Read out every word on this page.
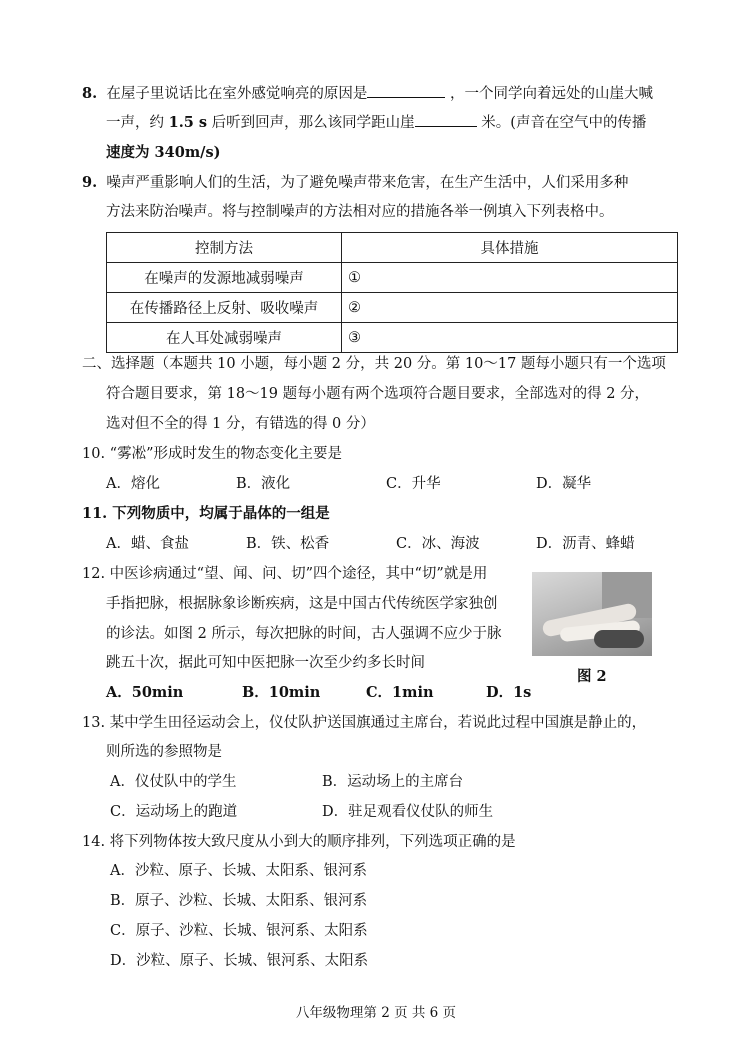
8. 在屋子里说话比在室外感觉响亮的原因是	，一个同学向着远处的山崖大喊
一声，约 1.5 s 后听到回声，那么该同学距山崖	米。(声音在空气中的传播
速度为 340m/s)
9. 噪声严重影响人们的生活，为了避免噪声带来危害，在生产生活中，人们采用多种
方法来防治噪声。将与控制噪声的方法相对应的措施各举一例填入下列表格中。
控制方法	具体措施
在噪声的发源地减弱噪声	①
在传播路径上反射、吸收噪声	②
在人耳处减弱噪声	③
二、选择题（本题共 10 小题，每小题 2 分，共 20 分。第 10～17 题每小题只有一个选项
符合题目要求，第 18～19 题每小题有两个选项符合题目要求，全部选对的得 2 分，
选对但不全的得 1 分，有错选的得 0 分）
10. “雾凇”形成时发生的物态变化主要是
A．熔化	B．液化	C．升华	D．凝华
11. 下列物质中，均属于晶体的一组是
A．蜡、食盐	B．铁、松香	C．冰、海波	D．沥青、蜂蜡
12. 中医诊病通过“望、闻、问、切”四个途径，其中“切”就是用
手指把脉，根据脉象诊断疾病，这是中国古代传统医学家独创
的诊法。如图 2 所示，每次把脉的时间，古人强调不应少于脉
跳五十次，据此可知中医把脉一次至少约多长时间
A．50min	B．10min	C．1min	D．1s
图 2
13. 某中学生田径运动会上，仪仗队护送国旗通过主席台，若说此过程中国旗是静止的，
则所选的参照物是
A．仪仗队中的学生	B．运动场上的主席台
C．运动场上的跑道	D．驻足观看仪仗队的师生
14. 将下列物体按大致尺度从小到大的顺序排列，下列选项正确的是
A．沙粒、原子、长城、太阳系、银河系
B．原子、沙粒、长城、太阳系、银河系
C．原子、沙粒、长城、银河系、太阳系
D．沙粒、原子、长城、银河系、太阳系
八年级物理第 2 页 共 6 页
